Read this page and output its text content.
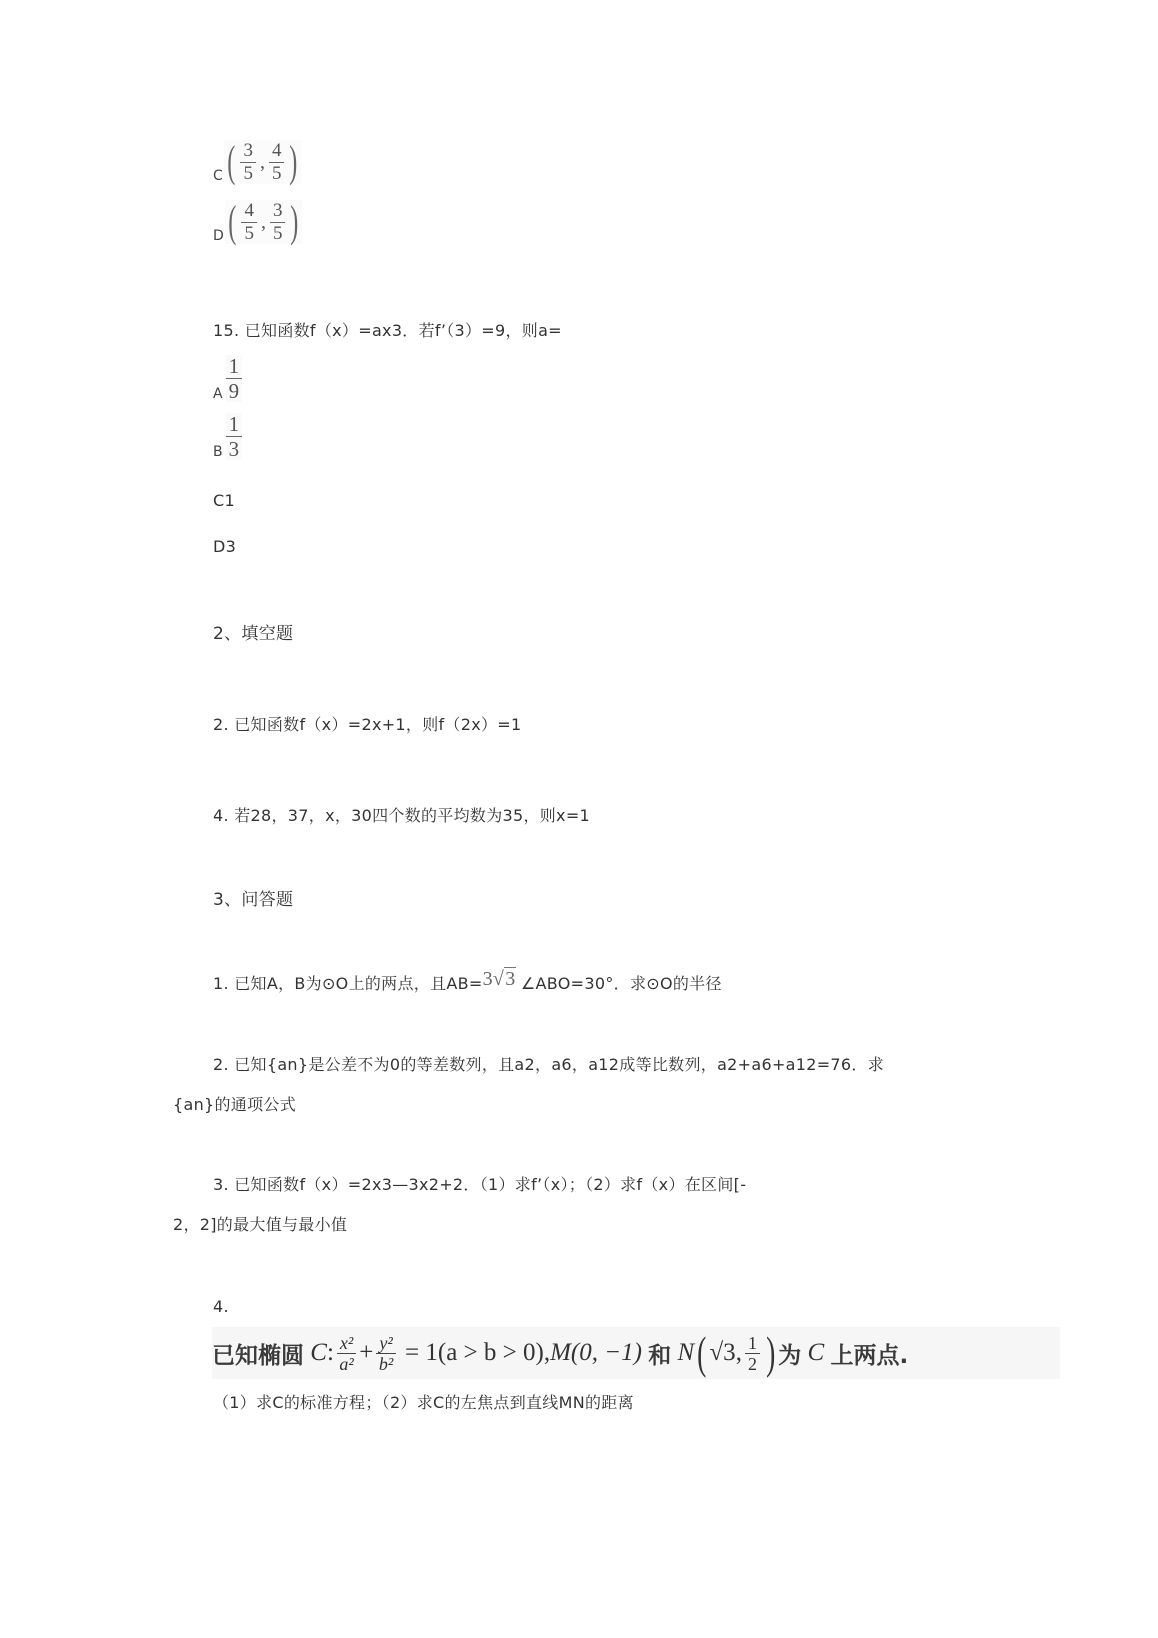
C ( $\frac{3}{5}$ , $\frac{4}{5}$ )
D ( $\frac{4}{5}$ , $\frac{3}{5}$ )
15. 已知函数f（x）=ax3．若f’（3）=9，则a=
A $\frac{1}{9}$
B $\frac{1}{3}$
C1
D3
2、填空题
2. 已知函数f（x）=2x+1，则f（2x）=1
4. 若28，37，x，30四个数的平均数为35，则x=1
3、问答题
1. 已知A，B为⊙O上的两点，且AB=3√3 ∠ABO=30°．求⊙O的半径
2. 已知{an}是公差不为0的等差数列，且a2，a6，a12成等比数列，a2+a6+a12=76．求
{an}的通项公式
3. 已知函数f（x）=2x3—3x2+2．（1）求f’（x）；（2）求f（x）在区间[-
2，2]的最大值与最小值
4.
已知椭圆
C : x²
$a^2 + \frac{\text{y²}}{\text{b²}}$
= 1(a > b > 0), M(0, −1)
和
N ( √3 , 1
2 ) 为
C
上两点.
（1）求C的标准方程；（2）求C的左焦点到直线MN的距离
